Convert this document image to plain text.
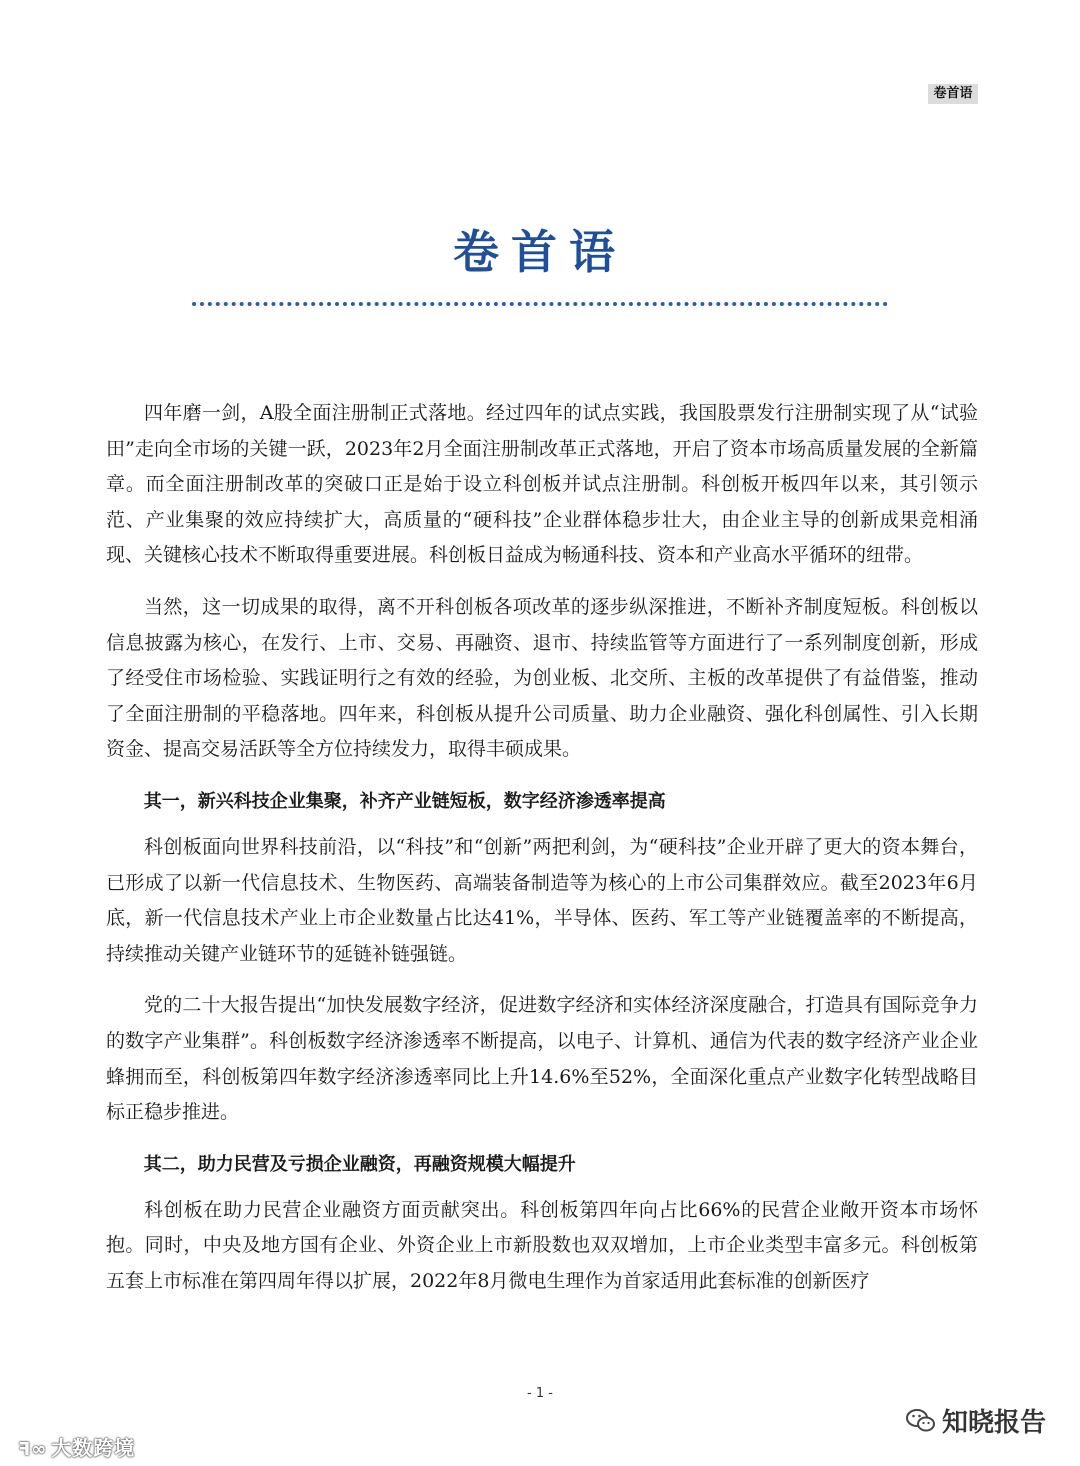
卷首语
卷首语

四年磨一剑，A股全面注册制正式落地。经过四年的试点实践，我国股票发行注册制实现了从“试验田”走向全市场的关键一跃，2023年2月全面注册制改革正式落地，开启了资本市场高质量发展的全新篇章。而全面注册制改革的突破口正是始于设立科创板并试点注册制。科创板开板四年以来，其引领示范、产业集聚的效应持续扩大，高质量的“硬科技”企业群体稳步壮大，由企业主导的创新成果竞相涌现、关键核心技术不断取得重要进展。科创板日益成为畅通科技、资本和产业高水平循环的纽带。

当然，这一切成果的取得，离不开科创板各项改革的逐步纵深推进，不断补齐制度短板。科创板以信息披露为核心，在发行、上市、交易、再融资、退市、持续监管等方面进行了一系列制度创新，形成了经受住市场检验、实践证明行之有效的经验，为创业板、北交所、主板的改革提供了有益借鉴，推动了全面注册制的平稳落地。四年来，科创板从提升公司质量、助力企业融资、强化科创属性、引入长期资金、提高交易活跃等全方位持续发力，取得丰硕成果。

其一，新兴科技企业集聚，补齐产业链短板，数字经济渗透率提高

科创板面向世界科技前沿，以“科技”和“创新”两把利剑，为“硬科技”企业开辟了更大的资本舞台，已形成了以新一代信息技术、生物医药、高端装备制造等为核心的上市公司集群效应。截至2023年6月底，新一代信息技术产业上市企业数量占比达41%，半导体、医药、军工等产业链覆盖率的不断提高，持续推动关键产业链环节的延链补链强链。

党的二十大报告提出“加快发展数字经济，促进数字经济和实体经济深度融合，打造具有国际竞争力的数字产业集群”。科创板数字经济渗透率不断提高，以电子、计算机、通信为代表的数字经济产业企业蜂拥而至，科创板第四年数字经济渗透率同比上升14.6%至52%，全面深化重点产业数字化转型战略目标正稳步推进。

其二，助力民营及亏损企业融资，再融资规模大幅提升

科创板在助力民营企业融资方面贡献突出。科创板第四年向占比66%的民营企业敞开资本市场怀抱。同时，中央及地方国有企业、外资企业上市新股数也双双增加，上市企业类型丰富多元。科创板第五套上市标准在第四周年得以扩展，2022年8月微电生理作为首家适用此套标准的创新医疗

- 1 -
ꟻ∞ 大数跨境
知晓报告
